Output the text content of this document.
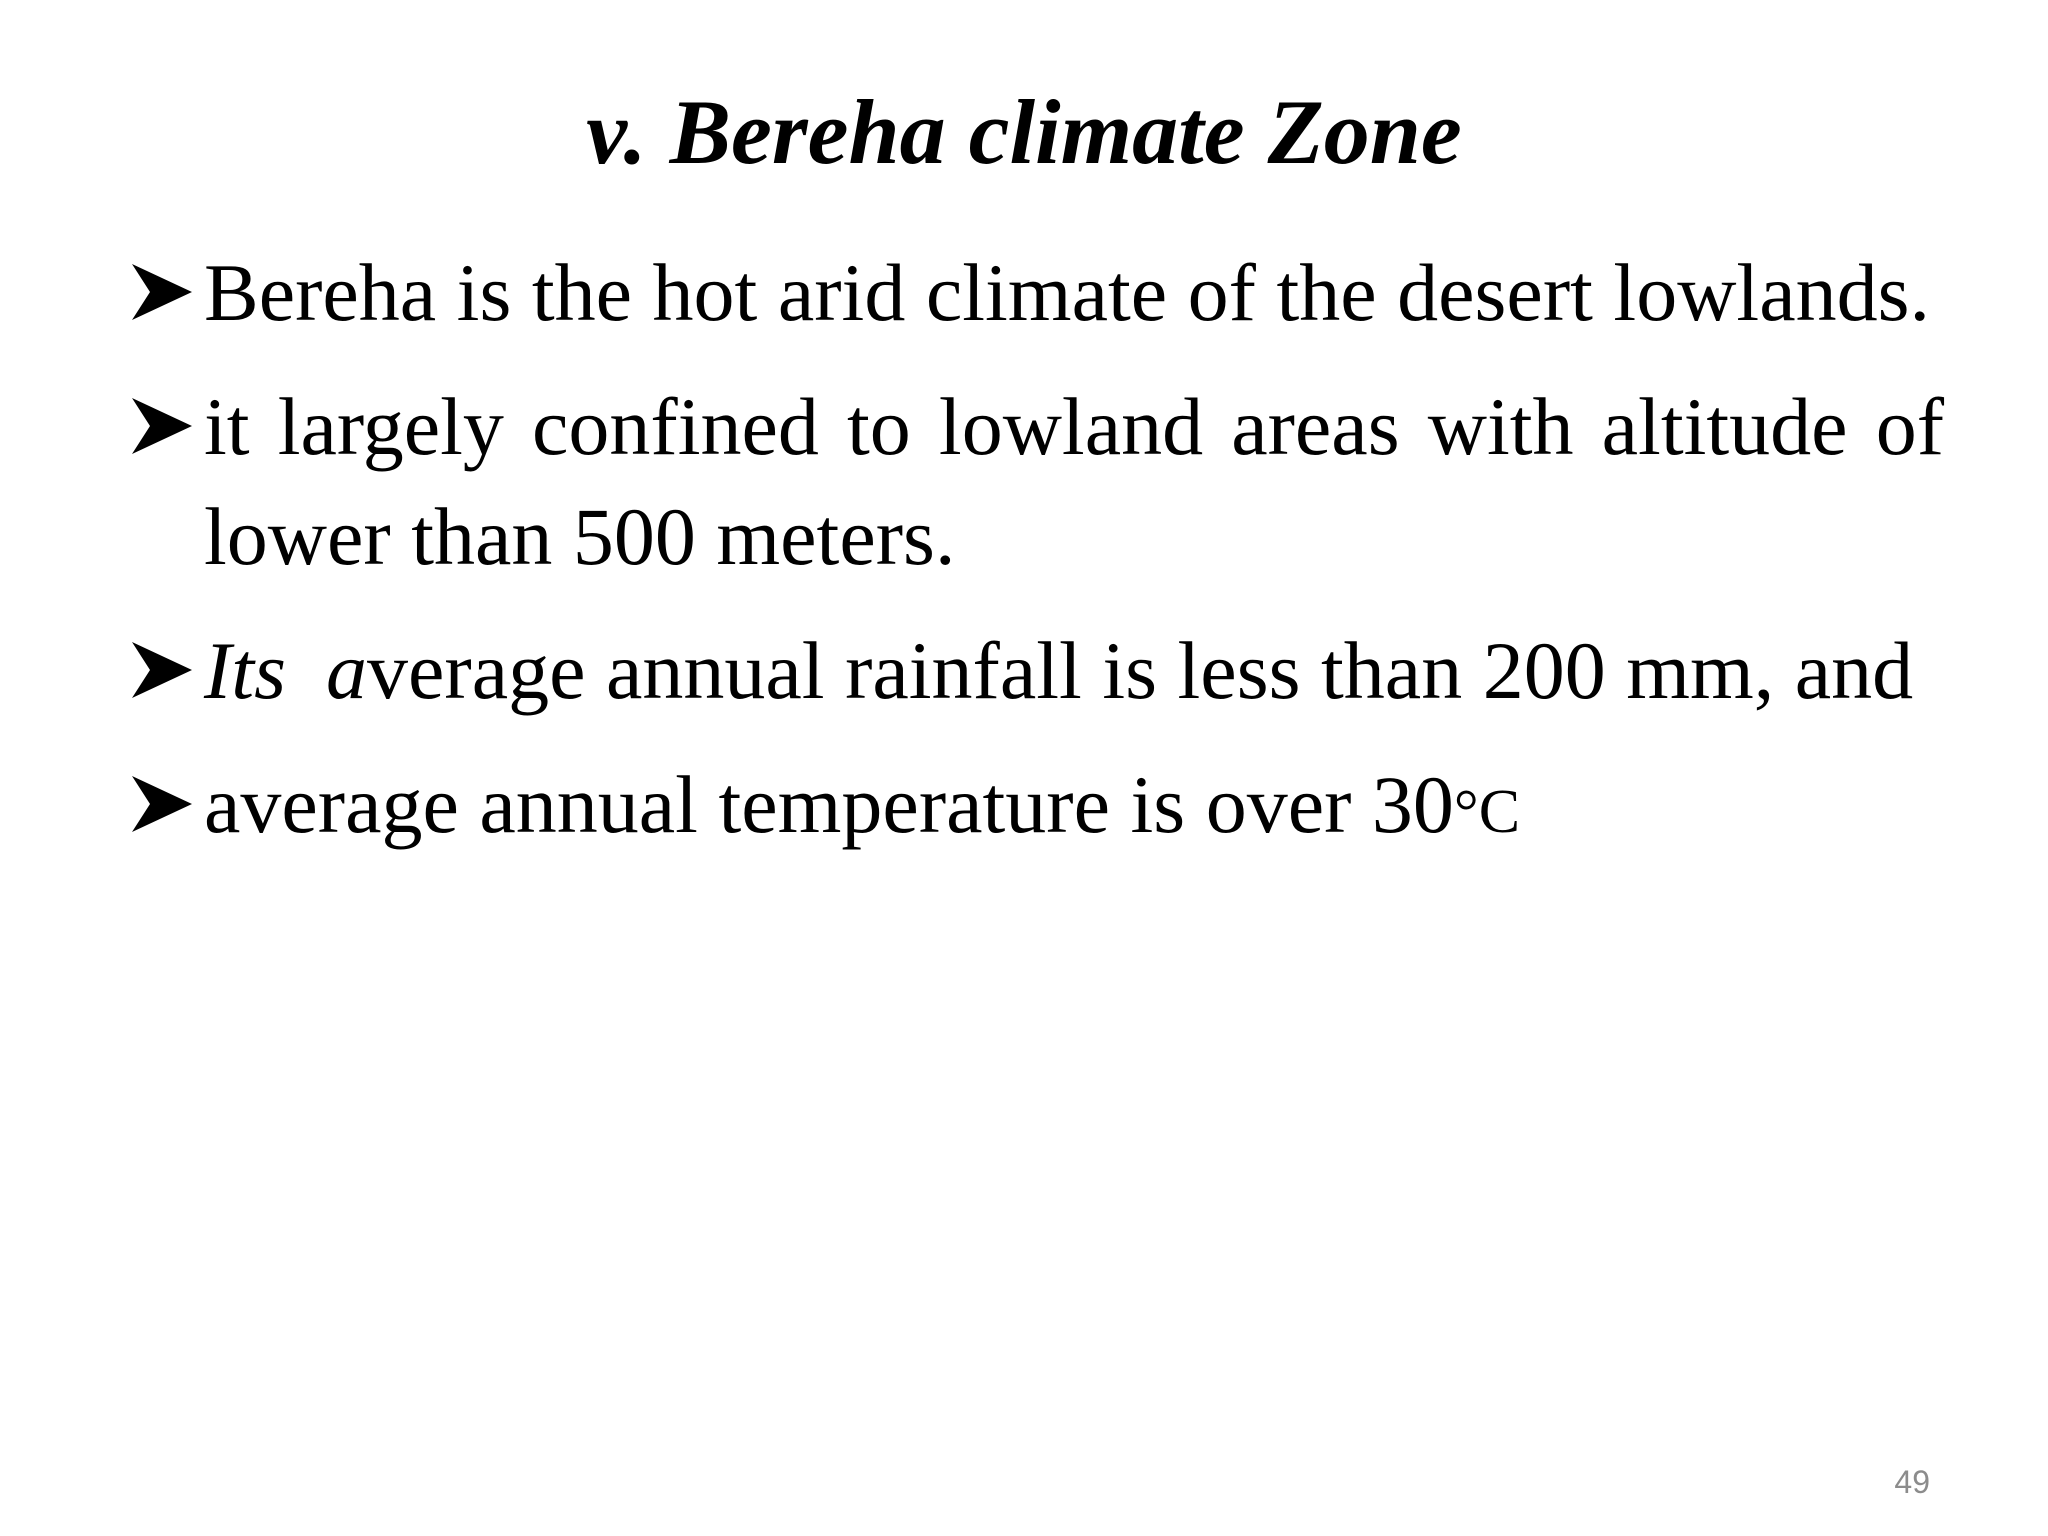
v. Bereha climate Zone
Bereha is the hot arid climate of the desert lowlands.
it largely confined to lowland areas with altitude of lower than 500 meters.
Its average annual rainfall is less than 200 mm, and
average annual temperature is over 30°C
49
